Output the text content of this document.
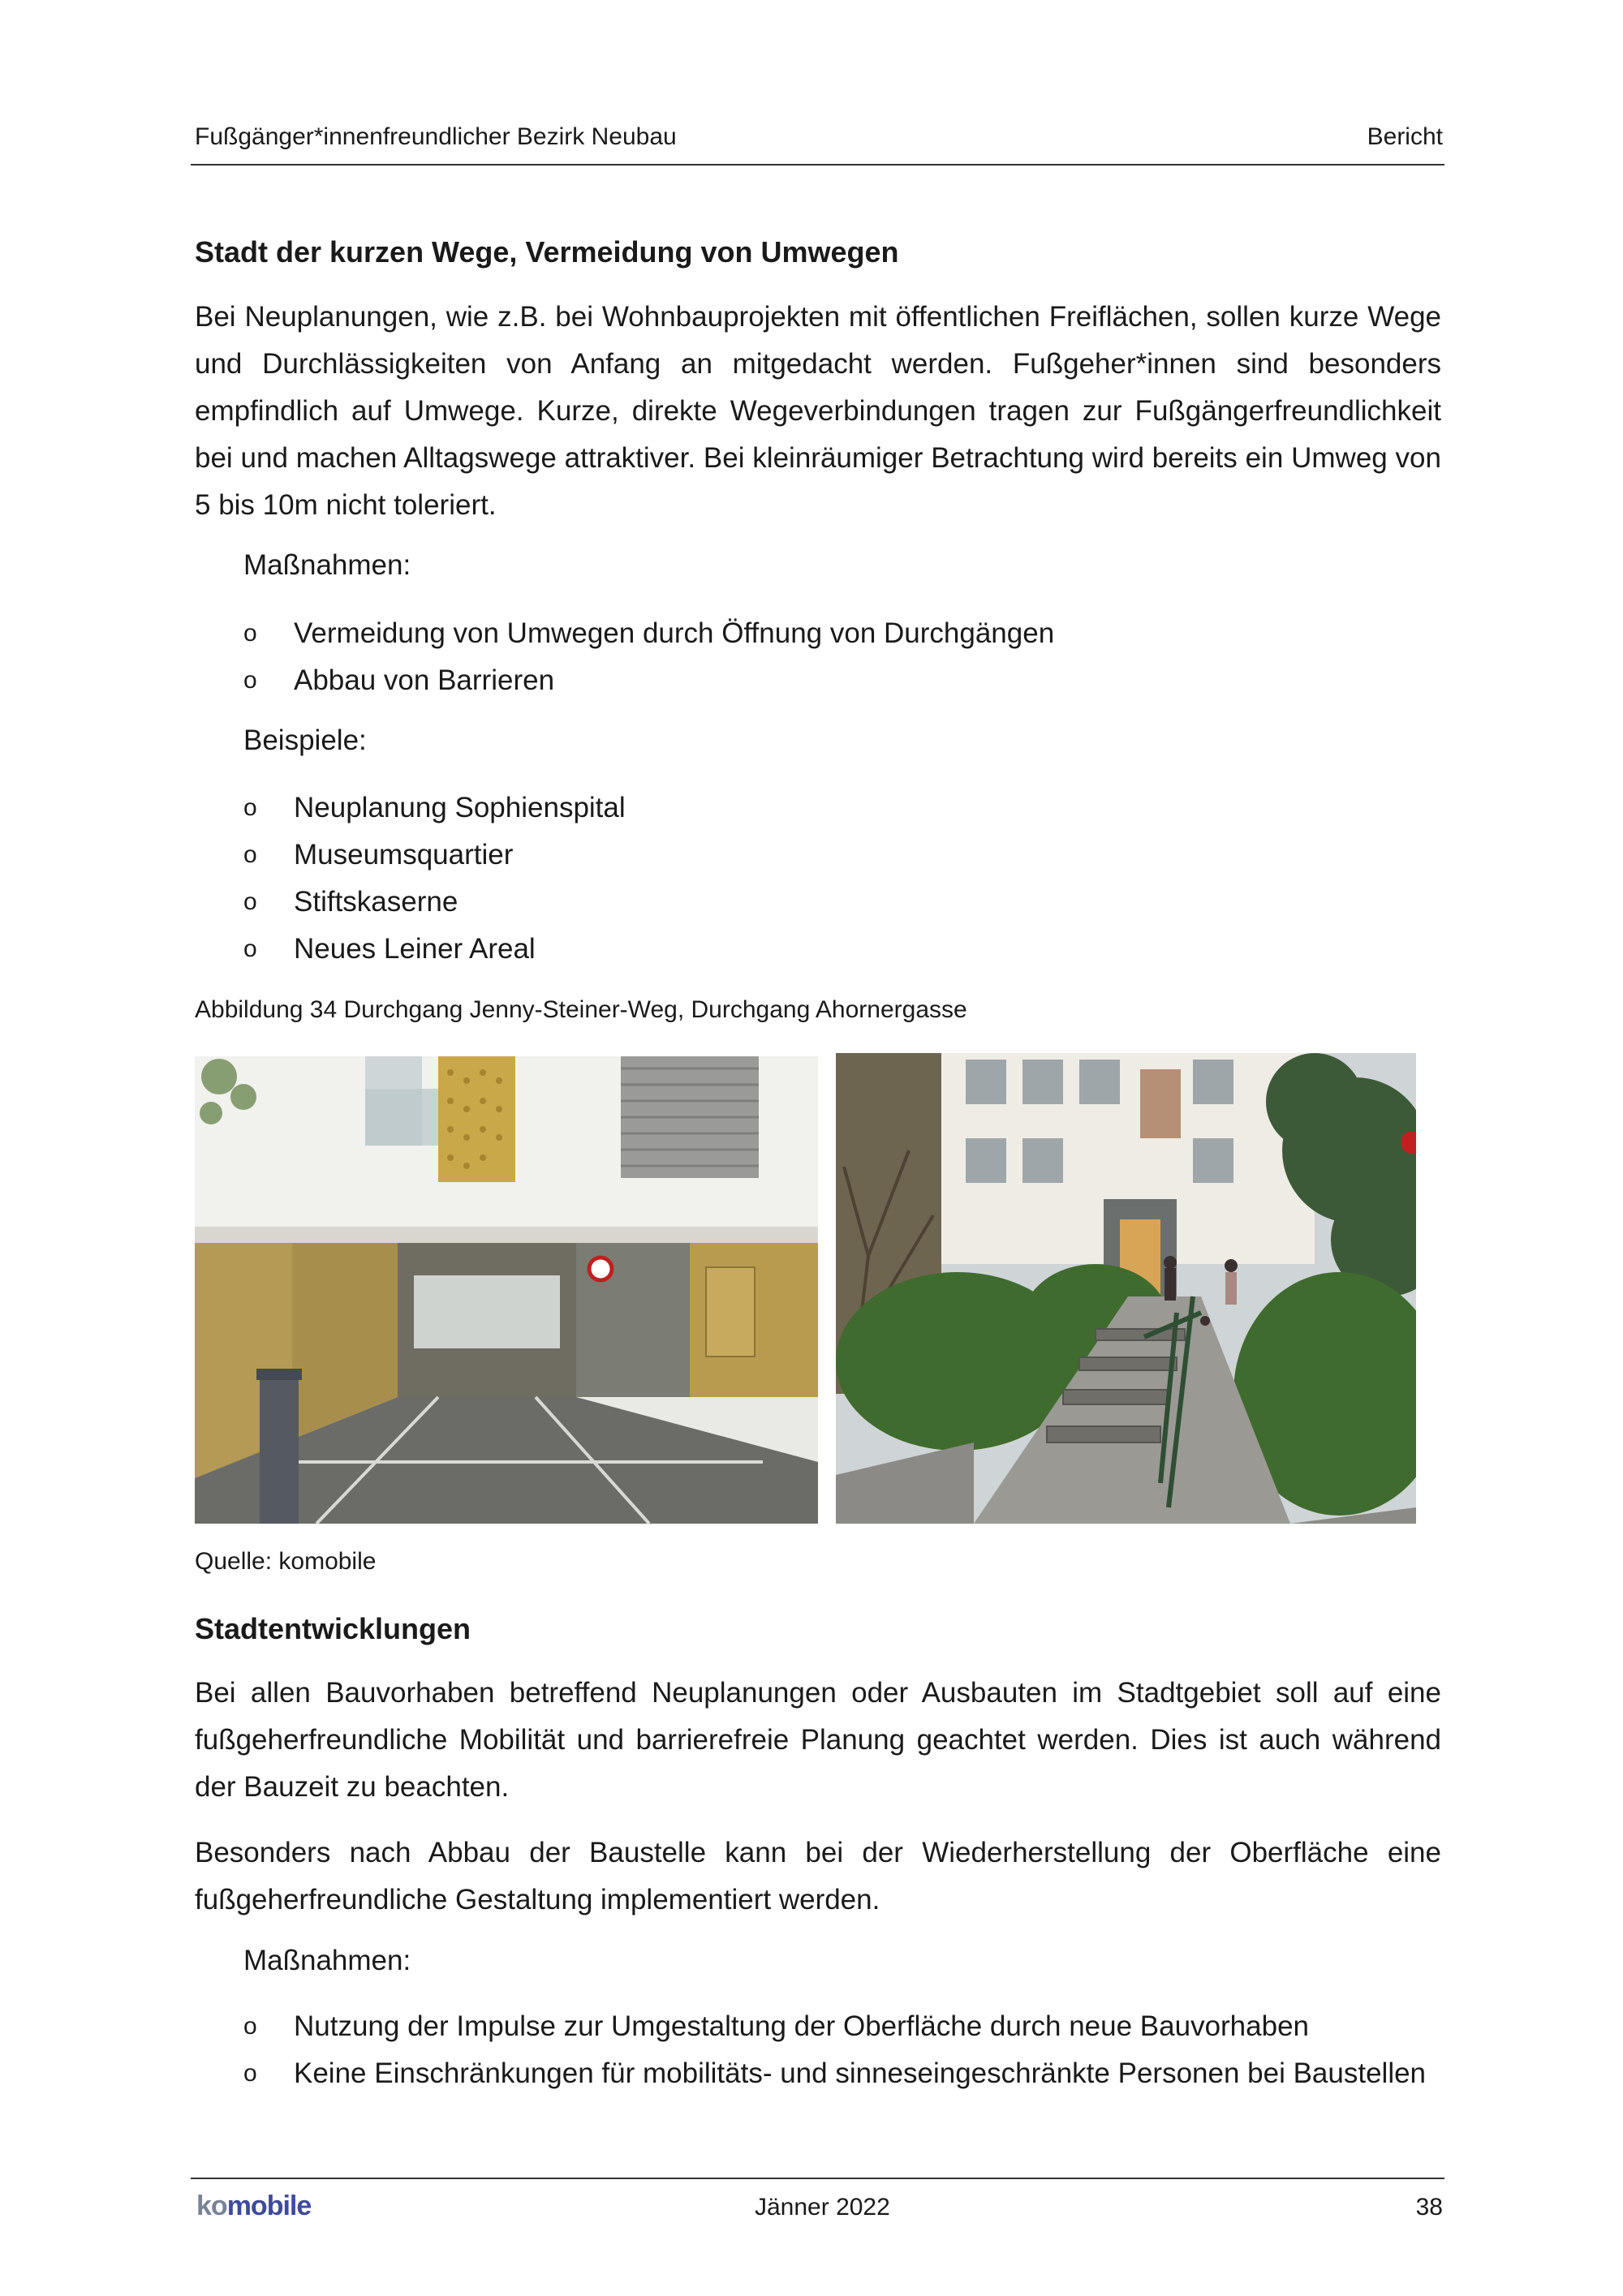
Fußgänger*innenfreundlicher Bezirk Neubau	Bericht
Stadt der kurzen Wege, Vermeidung von Umwegen

Bei Neuplanungen, wie z.B. bei Wohnbauprojekten mit öffentlichen Freiflächen, sollen kurze Wege und Durchlässigkeiten von Anfang an mitgedacht werden. Fußgeher*innen sind besonders empfindlich auf Umwege. Kurze, direkte Wegeverbindungen tragen zur Fußgängerfreundlichkeit bei und machen Alltagswege attraktiver. Bei kleinräumiger Betrachtung wird bereits ein Umweg von 5 bis 10m nicht toleriert.

Maßnahmen:
o Vermeidung von Umwegen durch Öffnung von Durchgängen
o Abbau von Barrieren
Beispiele:
o Neuplanung Sophienspital
o Museumsquartier
o Stiftskaserne
o Neues Leiner Areal
Abbildung 34 Durchgang Jenny-Steiner-Weg, Durchgang Ahornergasse
Quelle: komobile
Stadtentwicklungen

Bei allen Bauvorhaben betreffend Neuplanungen oder Ausbauten im Stadtgebiet soll auf eine fußgeherfreundliche Mobilität und barrierefreie Planung geachtet werden. Dies ist auch während der Bauzeit zu beachten.

Besonders nach Abbau der Baustelle kann bei der Wiederherstellung der Oberfläche eine fußgeherfreundliche Gestaltung implementiert werden.

Maßnahmen:
o Nutzung der Impulse zur Umgestaltung der Oberfläche durch neue Bauvorhaben
o Keine Einschränkungen für mobilitäts- und sinneseingeschränkte Personen bei Baustellen
komobile	Jänner 2022	38
